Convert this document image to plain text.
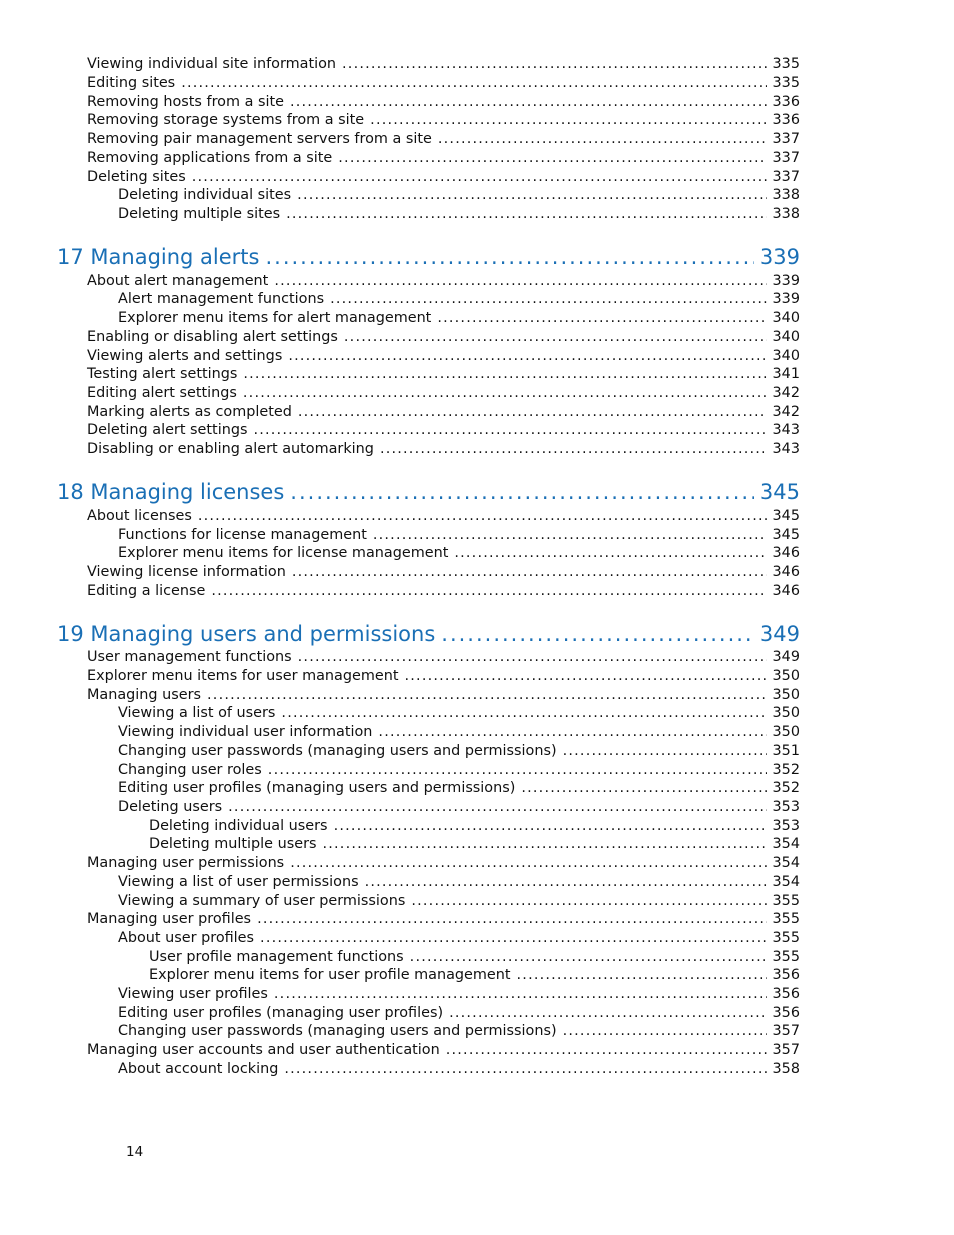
Viewing individual site information .....	335
Editing sites .....	335
Removing hosts from a site .....	336
Removing storage systems from a site .....	336
Removing pair management servers from a site .....	337
Removing applications from a site .....	337
Deleting sites .....	337
Deleting individual sites .....	338
Deleting multiple sites .....	338
17 Managing alerts .....	339
About alert management .....	339
Alert management functions .....	339
Explorer menu items for alert management .....	340
Enabling or disabling alert settings .....	340
Viewing alerts and settings .....	340
Testing alert settings .....	341
Editing alert settings .....	342
Marking alerts as completed .....	342
Deleting alert settings .....	343
Disabling or enabling alert automarking .....	343
18 Managing licenses .....	345
About licenses .....	345
Functions for license management .....	345
Explorer menu items for license management .....	346
Viewing license information .....	346
Editing a license .....	346
19 Managing users and permissions .....	349
User management functions .....	349
Explorer menu items for user management .....	350
Managing users .....	350
Viewing a list of users .....	350
Viewing individual user information .....	350
Changing user passwords (managing users and permissions) .....	351
Changing user roles .....	352
Editing user profiles (managing users and permissions) .....	352
Deleting users .....	353
Deleting individual users .....	353
Deleting multiple users .....	354
Managing user permissions .....	354
Viewing a list of user permissions .....	354
Viewing a summary of user permissions .....	355
Managing user profiles .....	355
About user profiles .....	355
User profile management functions .....	355
Explorer menu items for user profile management .....	356
Viewing user profiles .....	356
Editing user profiles (managing user profiles) .....	356
Changing user passwords (managing users and permissions) .....	357
Managing user accounts and user authentication .....	357
About account locking .....	358
14
